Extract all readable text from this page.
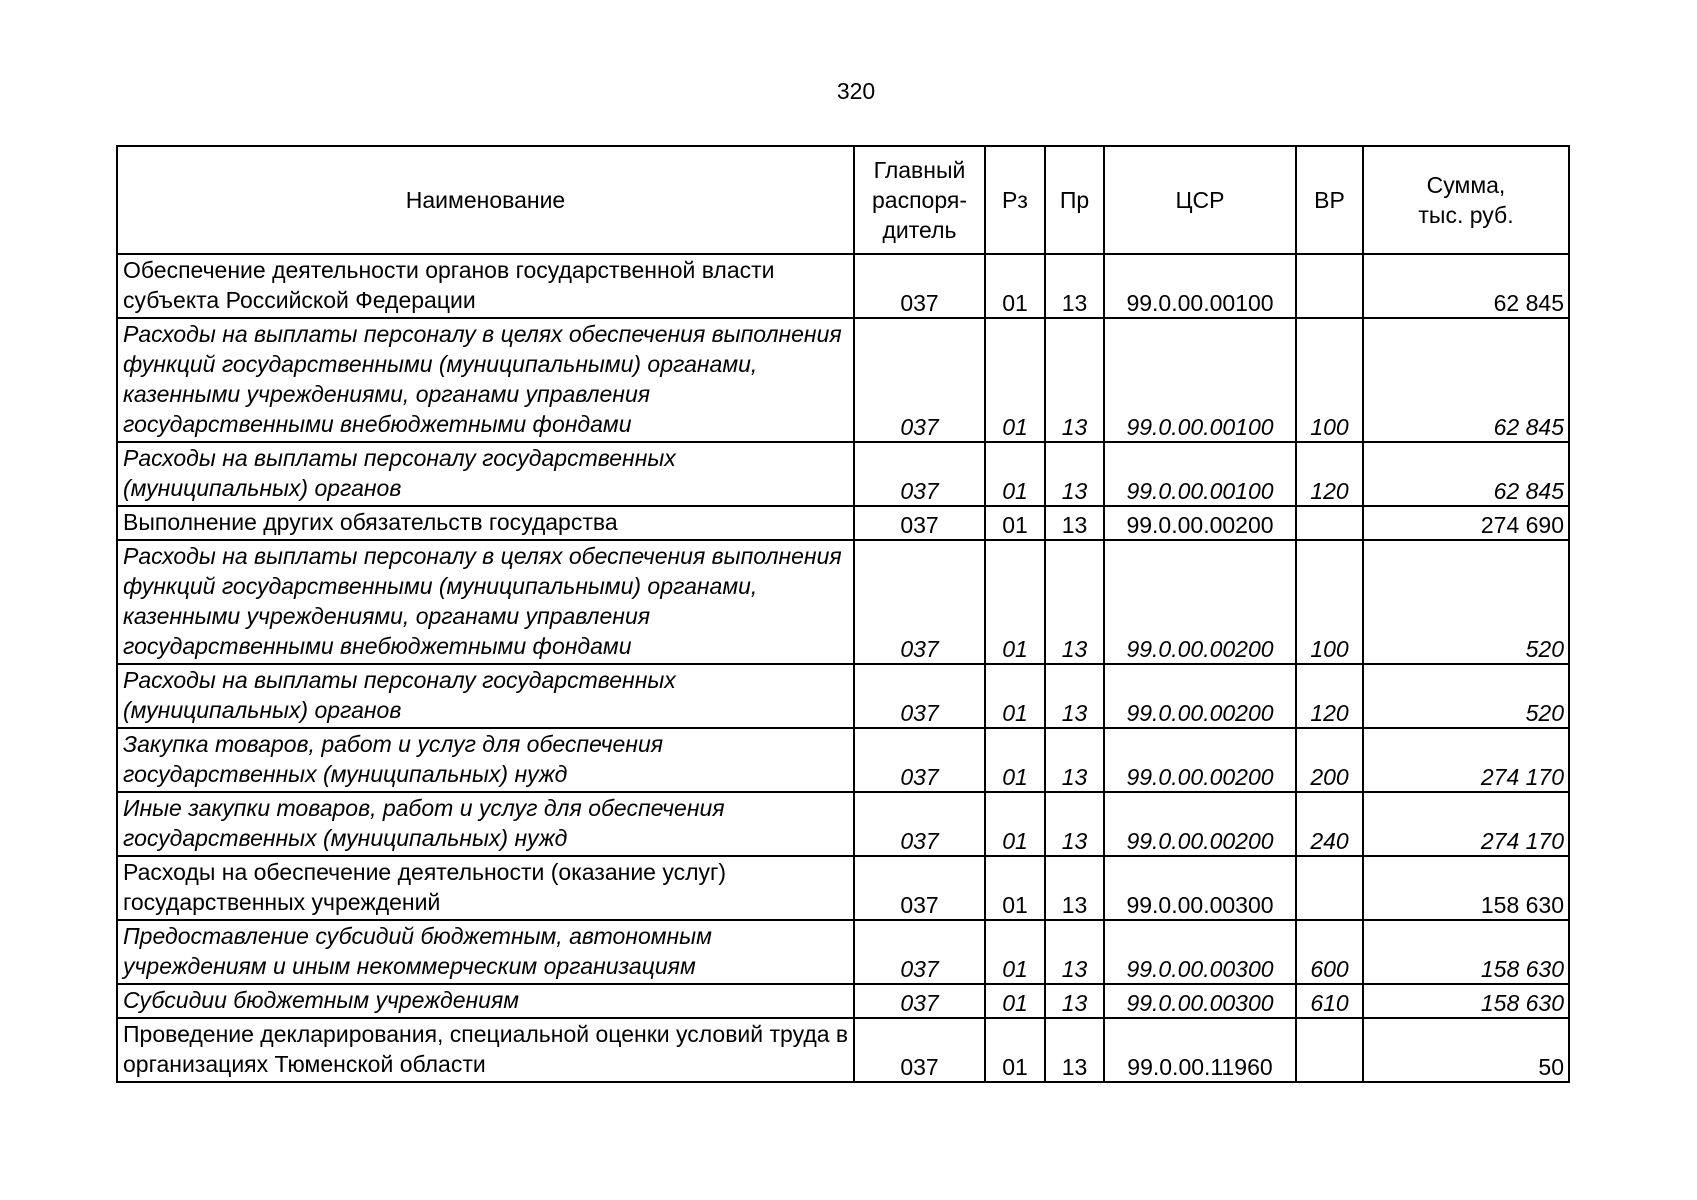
320
Наименование	Главный распоря-дитель	Рз	Пр	ЦСР	ВР	Сумма, тыс. руб.

Обеспечение деятельности органов государственной власти субъекта Российской Федерации	037	01	13	99.0.00.00100		62 845
Расходы на выплаты персоналу в целях обеспечения выполнения функций государственными (муниципальными) органами, казенными учреждениями, органами управления государственными внебюджетными фондами	037	01	13	99.0.00.00100	100	62 845
Расходы на выплаты персоналу государственных (муниципальных) органов	037	01	13	99.0.00.00100	120	62 845
Выполнение других обязательств государства	037	01	13	99.0.00.00200		274 690
Расходы на выплаты персоналу в целях обеспечения выполнения функций государственными (муниципальными) органами, казенными учреждениями, органами управления государственными внебюджетными фондами	037	01	13	99.0.00.00200	100	520
Расходы на выплаты персоналу государственных (муниципальных) органов	037	01	13	99.0.00.00200	120	520
Закупка товаров, работ и услуг для обеспечения государственных (муниципальных) нужд	037	01	13	99.0.00.00200	200	274 170
Иные закупки товаров, работ и услуг для обеспечения государственных (муниципальных) нужд	037	01	13	99.0.00.00200	240	274 170
Расходы на обеспечение деятельности (оказание услуг) государственных учреждений	037	01	13	99.0.00.00300		158 630
Предоставление субсидий бюджетным, автономным учреждениям и иным некоммерческим организациям	037	01	13	99.0.00.00300	600	158 630
Субсидии бюджетным учреждениям	037	01	13	99.0.00.00300	610	158 630
Проведение декларирования, специальной оценки условий труда в организациях Тюменской области	037	01	13	99.0.00.11960		50
